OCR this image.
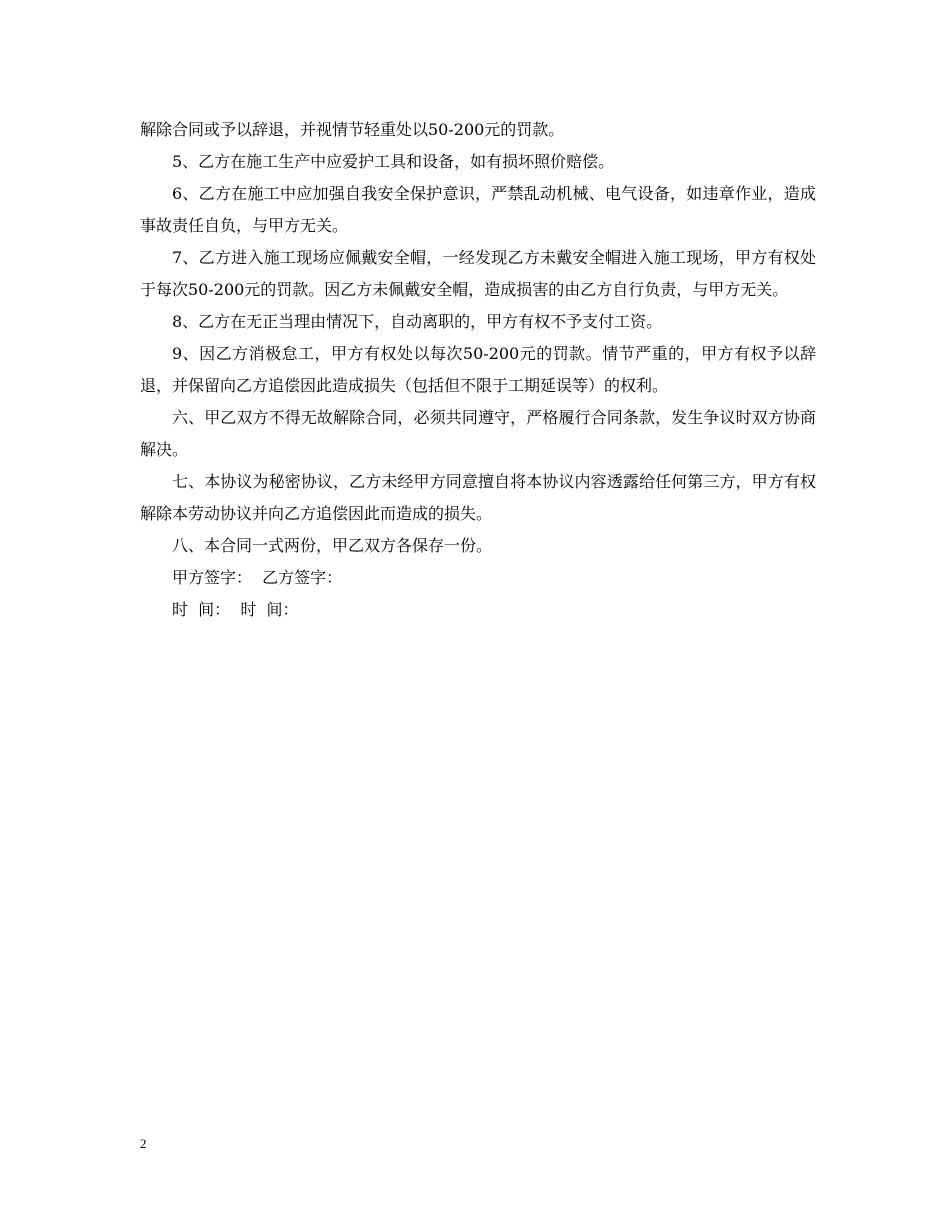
解除合同或予以辞退，并视情节轻重处以50-200元的罚款。

5、乙方在施工生产中应爱护工具和设备，如有损坏照价赔偿。

6、乙方在施工中应加强自我安全保护意识，严禁乱动机械、电气设备，如违章作业，造成事故责任自负，与甲方无关。

7、乙方进入施工现场应佩戴安全帽，一经发现乙方未戴安全帽进入施工现场，甲方有权处于每次50-200元的罚款。因乙方未佩戴安全帽，造成损害的由乙方自行负责，与甲方无关。

8、乙方在无正当理由情况下，自动离职的，甲方有权不予支付工资。

9、因乙方消极怠工，甲方有权处以每次50-200元的罚款。情节严重的，甲方有权予以辞退，并保留向乙方追偿因此造成损失（包括但不限于工期延误等）的权利。

六、甲乙双方不得无故解除合同，必须共同遵守，严格履行合同条款，发生争议时双方协商解决。

七、本协议为秘密协议，乙方未经甲方同意擅自将本协议内容透露给任何第三方，甲方有权解除本劳动协议并向乙方追偿因此而造成的损失。

八、本合同一式两份，甲乙双方各保存一份。

甲方签字：  乙方签字：

时  间：  时  间：

2
